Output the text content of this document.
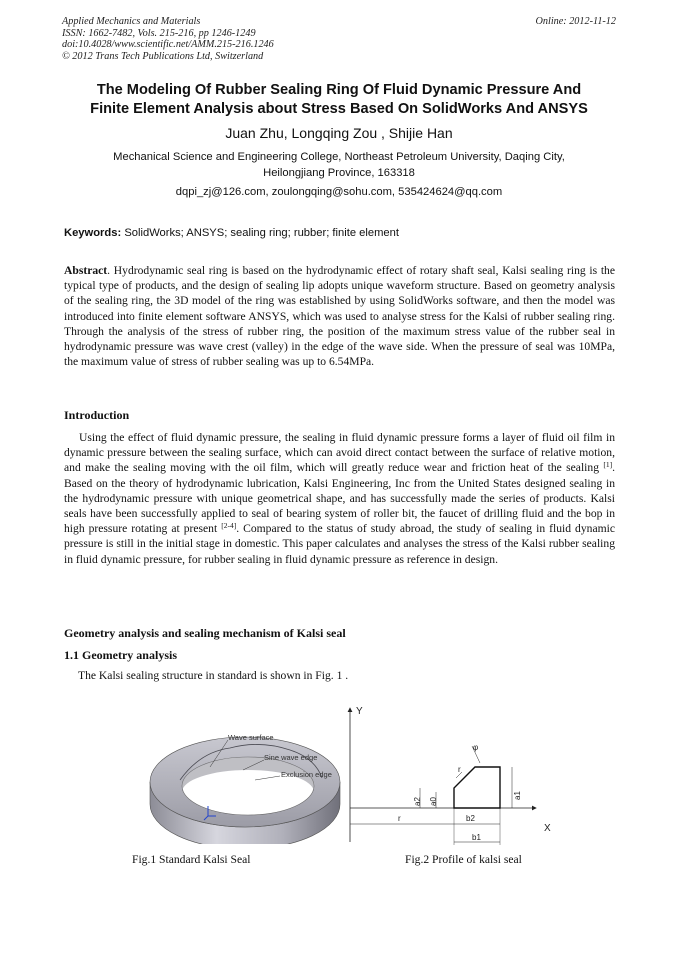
Applied Mechanics and Materials
ISSN: 1662-7482, Vols. 215-216, pp 1246-1249
doi:10.4028/www.scientific.net/AMM.215-216.1246
© 2012 Trans Tech Publications Ltd, Switzerland
Online: 2012-11-12
The Modeling Of Rubber Sealing Ring Of Fluid Dynamic Pressure And
Finite Element Analysis about Stress Based On SolidWorks And ANSYS
Juan Zhu, Longqing Zou , Shijie Han
Mechanical Science and Engineering College, Northeast Petroleum University, Daqing City,
Heilongjiang Province, 163318
dqpi_zj@126.com, zoulongqing@sohu.com, 535424624@qq.com
Keywords: SolidWorks; ANSYS; sealing ring; rubber; finite element
Abstract. Hydrodynamic seal ring is based on the hydrodynamic effect of rotary shaft seal, Kalsi sealing ring is the typical type of products, and the design of sealing lip adopts unique waveform structure. Based on geometry analysis of the sealing ring, the 3D model of the ring was established by using SolidWorks software, and then the model was introduced into finite element software ANSYS, which was used to analyse stress for the Kalsi of rubber sealing ring. Through the analysis of the stress of rubber ring, the position of the maximum stress value of the rubber seal in hydrodynamic pressure was wave crest (valley) in the edge of the wave side. When the pressure of seal was 10MPa, the maximum value of stress of rubber sealing was up to 6.54MPa.
Introduction
Using the effect of fluid dynamic pressure, the sealing in fluid dynamic pressure forms a layer of fluid oil film in dynamic pressure between the sealing surface, which can avoid direct contact between the surface of relative motion, and make the sealing moving with the oil film, which will greatly reduce wear and friction heat of the sealing [1]. Based on the theory of hydrodynamic lubrication, Kalsi Engineering, Inc from the United States designed sealing in the hydrodynamic pressure with unique geometrical shape, and has successfully made the series of products. Kalsi seals have been successfully applied to seal of bearing system of roller bit, the faucet of drilling fluid and the bop in high pressure rotating at present [2-4]. Compared to the status of study abroad, the study of sealing in fluid dynamic pressure is still in the initial stage in domestic. This paper calculates and analyses the stress of the Kalsi rubber sealing in fluid dynamic pressure, for rubber sealing in fluid dynamic pressure as reference in design.
Geometry analysis and sealing mechanism of Kalsi seal
1.1 Geometry analysis
The Kalsi sealing structure in standard is shown in Fig. 1 .
Wave surface
Sine wave edge
Exclusion edge
Fig.1 Standard Kalsi Seal
Y
X
φ
r
a1
a2 a0
r	b2
b1
Fig.2 Profile of kalsi seal
